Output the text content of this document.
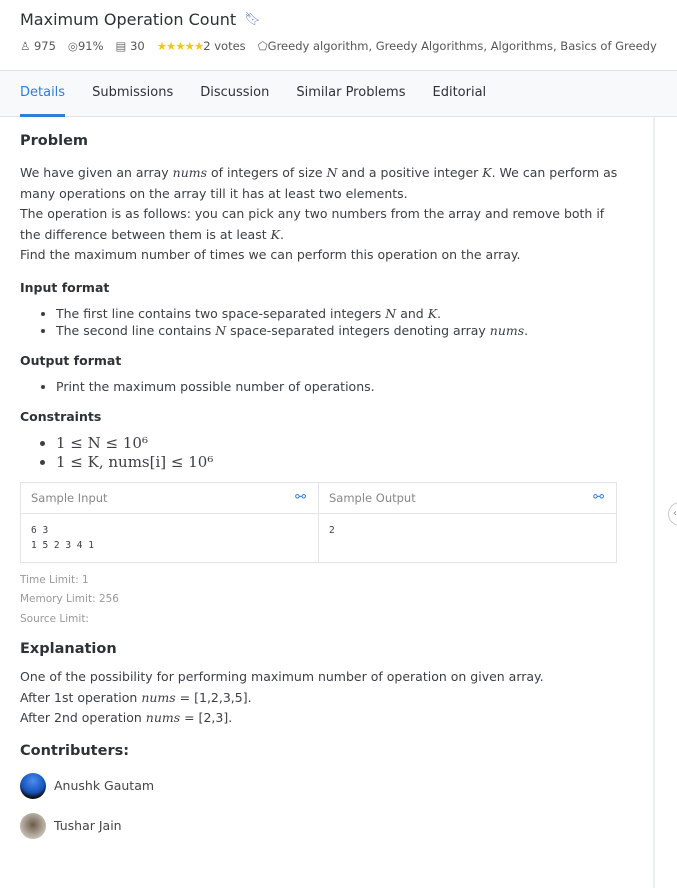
Maximum Operation Count 🔖︎
♙ 975 ◎91% ▤ 30 ★★★★★2 votes ⬠Greedy algorithm, Greedy Algorithms, Algorithms, Basics of Greedy
Details Submissions Discussion Similar Problems Editorial
‹
Problem

We have given an array nums of integers of size N and a positive integer K. We can perform as many operations on the array till it has at least two elements.
The operation is as follows: you can pick any two numbers from the array and remove both if the difference between them is at least K.
Find the maximum number of times we can perform this operation on the array.

Input format
• The first line contains two space-separated integers N and K.
• The second line contains N space-separated integers denoting array nums.
Output format
• Print the maximum possible number of operations.
Constraints
• 1 ≤ N ≤ 10⁶
• 1 ≤ K, nums[i] ≤ 10⁶
Sample Input ⚯	Sample Output ⚯

6 3
1 5 2 3 4 1	2
Time Limit: 1
Memory Limit: 256
Source Limit:
Explanation

One of the possibility for performing maximum number of operation on given array.
After 1st operation nums = [1,2,3,5].
After 2nd operation nums = [2,3].

Contributers:
Anushk Gautam
Tushar Jain
